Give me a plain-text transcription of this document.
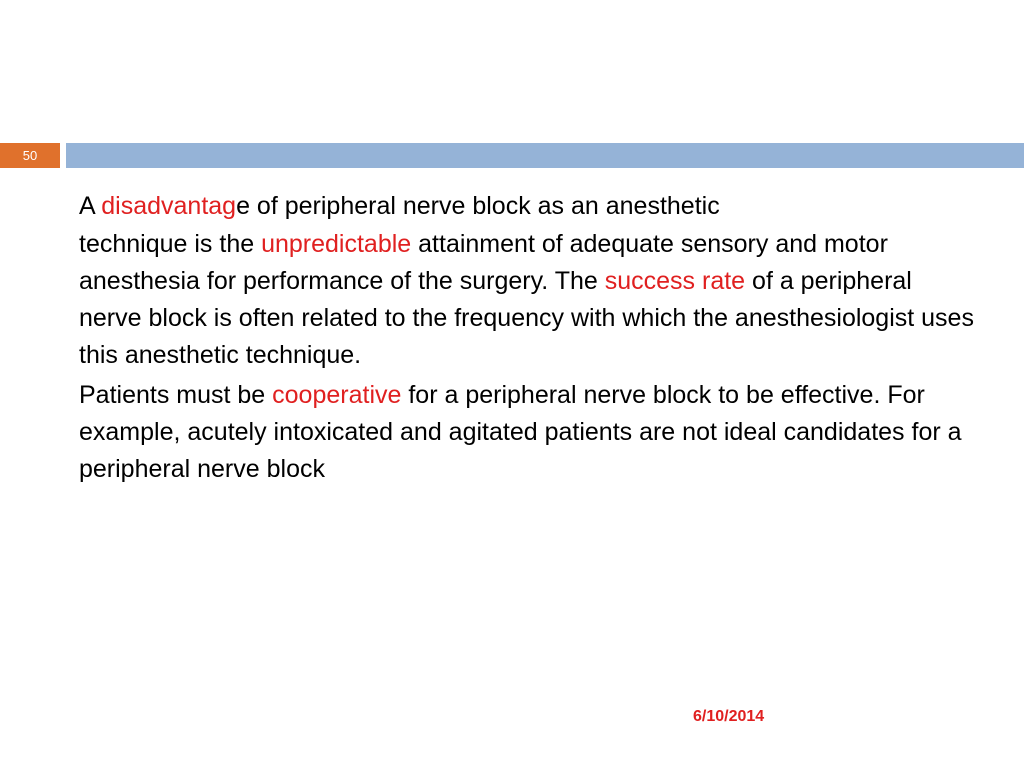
50
A disadvantage of peripheral nerve block as an anesthetic
technique is the unpredictable attainment of adequate sensory and motor anesthesia for performance of the surgery. The success rate of a peripheral nerve block is often related to the frequency with which the anesthesiologist uses this anesthetic technique.
Patients must be cooperative for a peripheral nerve block to be effective. For example, acutely intoxicated and agitated patients are not ideal candidates for a peripheral nerve block
6/10/2014
